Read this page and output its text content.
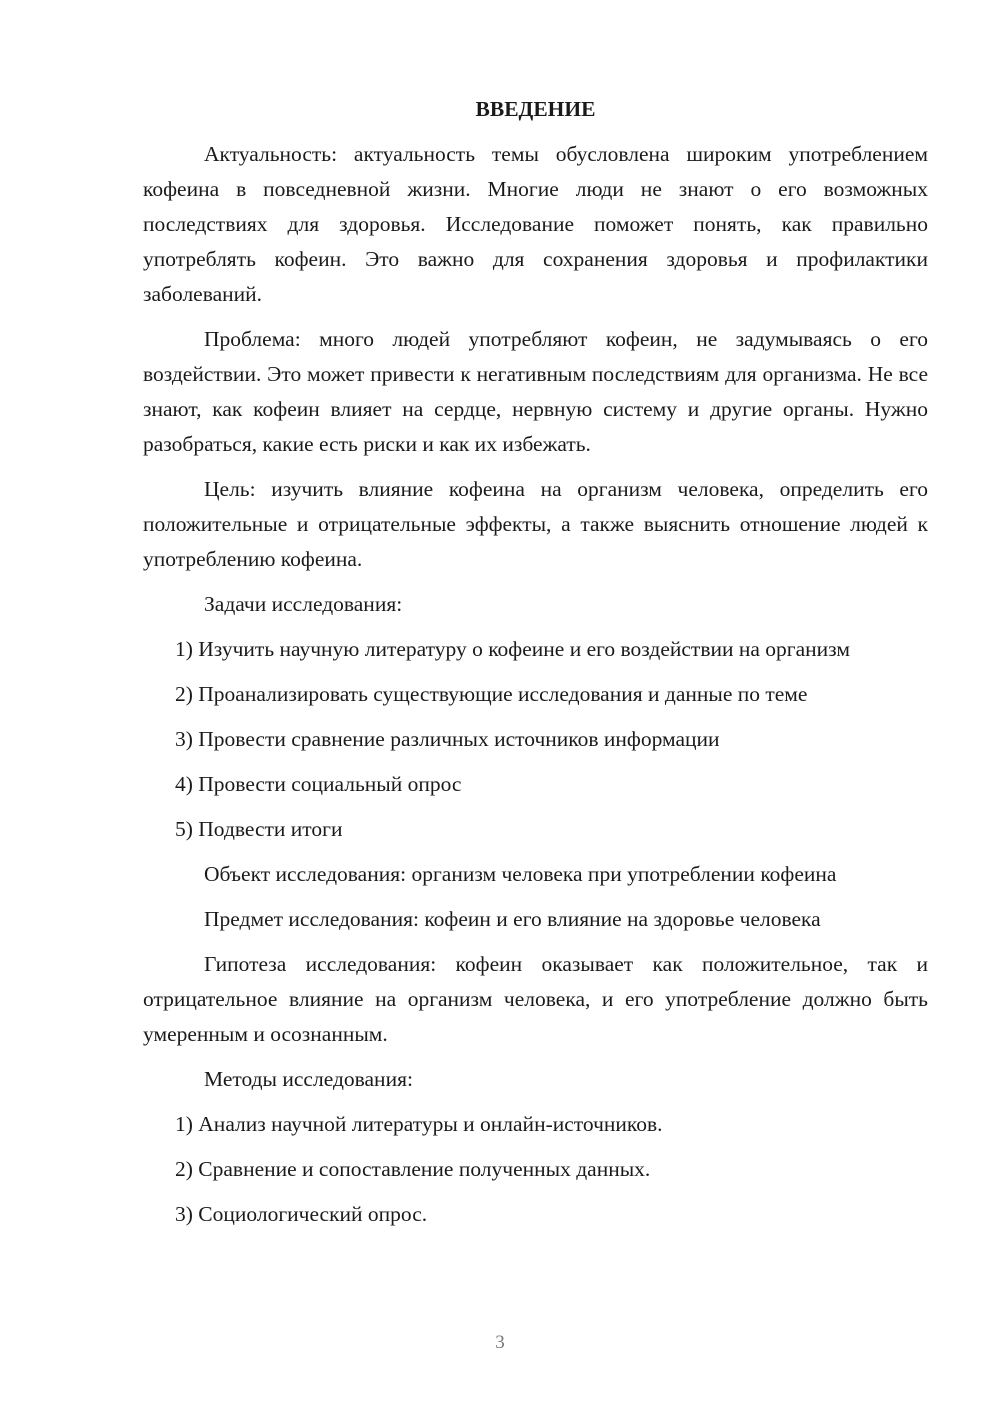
ВВЕДЕНИЕ

Актуальность: актуальность темы обусловлена широким употреблением кофеина в повседневной жизни. Многие люди не знают о его возможных последствиях для здоровья. Исследование поможет понять, как правильно употреблять кофеин. Это важно для сохранения здоровья и профилактики заболеваний.

Проблема: много людей употребляют кофеин, не задумываясь о его воздействии. Это может привести к негативным последствиям для организма. Не все знают, как кофеин влияет на сердце, нервную систему и другие органы. Нужно разобраться, какие есть риски и как их избежать.

Цель: изучить влияние кофеина на организм человека, определить его положительные и отрицательные эффекты, а также выяснить отношение людей к употреблению кофеина.

Задачи исследования:

1) Изучить научную литературу о кофеине и его воздействии на организм

2) Проанализировать существующие исследования и данные по теме

3) Провести сравнение различных источников информации

4) Провести социальный опрос

5) Подвести итоги

Объект исследования: организм человека при употреблении кофеина

Предмет исследования: кофеин и его влияние на здоровье человека

Гипотеза исследования: кофеин оказывает как положительное, так и отрицательное влияние на организм человека, и его употребление должно быть умеренным и осознанным.

Методы исследования:

1) Анализ научной литературы и онлайн-источников.

2) Сравнение и сопоставление полученных данных.

3) Социологический опрос.

3
